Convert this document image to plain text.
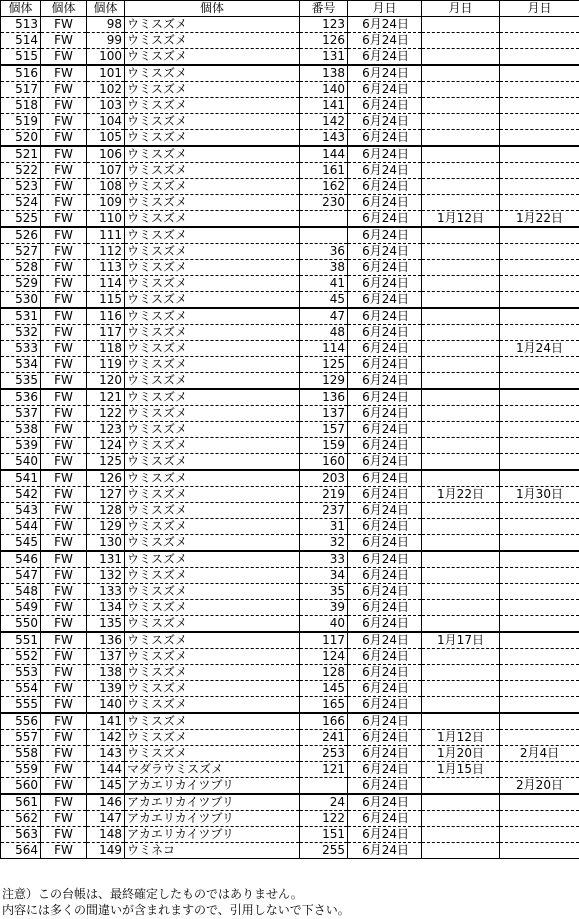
個体	個体	個体	個体	番号	月日	月日	月日
513	FW	98	ウミスズメ	123	6月24日		
514	FW	99	ウミスズメ	126	6月24日		
515	FW	100	ウミスズメ	131	6月24日		
516	FW	101	ウミスズメ	138	6月24日		
517	FW	102	ウミスズメ	140	6月24日		
518	FW	103	ウミスズメ	141	6月24日		
519	FW	104	ウミスズメ	142	6月24日		
520	FW	105	ウミスズメ	143	6月24日		
521	FW	106	ウミスズメ	144	6月24日		
522	FW	107	ウミスズメ	161	6月24日		
523	FW	108	ウミスズメ	162	6月24日		
524	FW	109	ウミスズメ	230	6月24日		
525	FW	110	ウミスズメ		6月24日	1月12日	1月22日
526	FW	111	ウミスズメ		6月24日		
527	FW	112	ウミスズメ	36	6月24日		
528	FW	113	ウミスズメ	38	6月24日		
529	FW	114	ウミスズメ	41	6月24日		
530	FW	115	ウミスズメ	45	6月24日		
531	FW	116	ウミスズメ	47	6月24日		
532	FW	117	ウミスズメ	48	6月24日		
533	FW	118	ウミスズメ	114	6月24日		1月24日
534	FW	119	ウミスズメ	125	6月24日		
535	FW	120	ウミスズメ	129	6月24日		
536	FW	121	ウミスズメ	136	6月24日		
537	FW	122	ウミスズメ	137	6月24日		
538	FW	123	ウミスズメ	157	6月24日		
539	FW	124	ウミスズメ	159	6月24日		
540	FW	125	ウミスズメ	160	6月24日		
541	FW	126	ウミスズメ	203	6月24日		
542	FW	127	ウミスズメ	219	6月24日	1月22日	1月30日
543	FW	128	ウミスズメ	237	6月24日		
544	FW	129	ウミスズメ	31	6月24日		
545	FW	130	ウミスズメ	32	6月24日		
546	FW	131	ウミスズメ	33	6月24日		
547	FW	132	ウミスズメ	34	6月24日		
548	FW	133	ウミスズメ	35	6月24日		
549	FW	134	ウミスズメ	39	6月24日		
550	FW	135	ウミスズメ	40	6月24日		
551	FW	136	ウミスズメ	117	6月24日	1月17日	
552	FW	137	ウミスズメ	124	6月24日		
553	FW	138	ウミスズメ	128	6月24日		
554	FW	139	ウミスズメ	145	6月24日		
555	FW	140	ウミスズメ	165	6月24日		
556	FW	141	ウミスズメ	166	6月24日		
557	FW	142	ウミスズメ	241	6月24日	1月12日	
558	FW	143	ウミスズメ	253	6月24日	1月20日	2月4日
559	FW	144	マダラウミスズメ	121	6月24日	1月15日	
560	FW	145	アカエリカイツブリ		6月24日		2月20日
561	FW	146	アカエリカイツブリ	24	6月24日		
562	FW	147	アカエリカイツブリ	122	6月24日		
563	FW	148	アカエリカイツブリ	151	6月24日		
564	FW	149	ウミネコ	255	6月24日		
注意）この台帳は、最終確定したものではありません。
内容には多くの間違いが含まれますので、引用しないで下さい。
